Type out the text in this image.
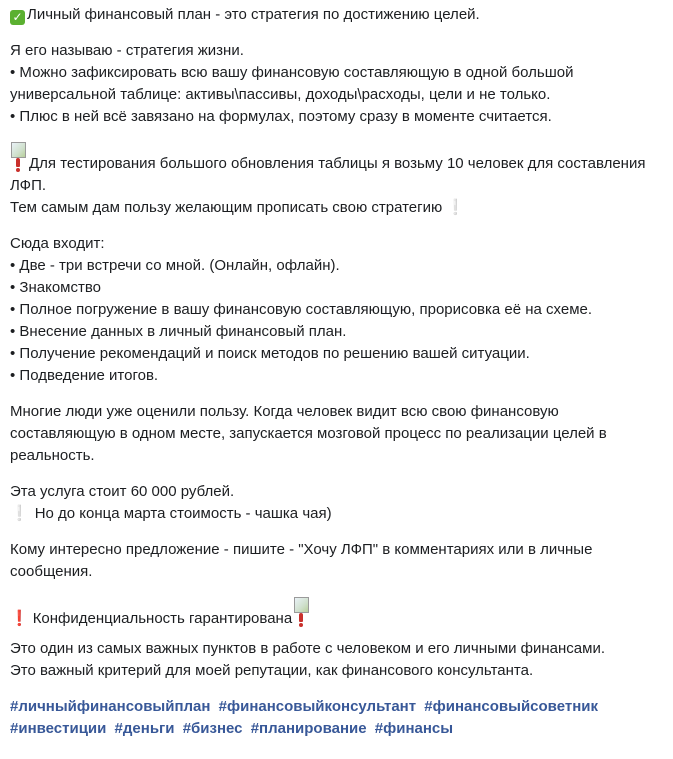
✓ Личный финансовый план - это стратегия по достижению целей.

Я его называю - стратегия жизни.
• Можно зафиксировать всю вашу финансовую составляющую в одной большой универсальной таблице: активы\пассивы, доходы\расходы, цели и не только.
• Плюс в ней всё завязано на формулах, поэтому сразу в моменте считается.

Для тестирования большого обновления таблицы я возьму 10 человек для составления ЛФП.
Тем самым дам пользу желающим прописать свою стратегию ❕

Сюда входит:
• Две - три встречи со мной. (Онлайн, офлайн).
• Знакомство
• Полное погружение в вашу финансовую составляющую, прорисовка её на схеме.
• Внесение данных в личный финансовый план.
• Получение рекомендаций и поиск методов по решению вашей ситуации.
• Подведение итогов.

Многие люди уже оценили пользу. Когда человек видит всю свою финансовую составляющую в одном месте, запускается мозговой процесс по реализации целей в реальность.

Эта услуга стоит 60 000 рублей.
❕ Но до конца марта стоимость - чашка чая)

Кому интересно предложение - пишите - "Хочу ЛФП" в комментариях или в личные сообщения.

❗ Конфиденциальность гарантирована

Это один из самых важных пунктов в работе с человеком и его личными финансами.
Это важный критерий для моей репутации, как финансового консультанта.

#личныйфинансовыйплан #финансовыйконсультант #финансовыйсоветник #инвестиции #деньги #бизнес #планирование #финансы
